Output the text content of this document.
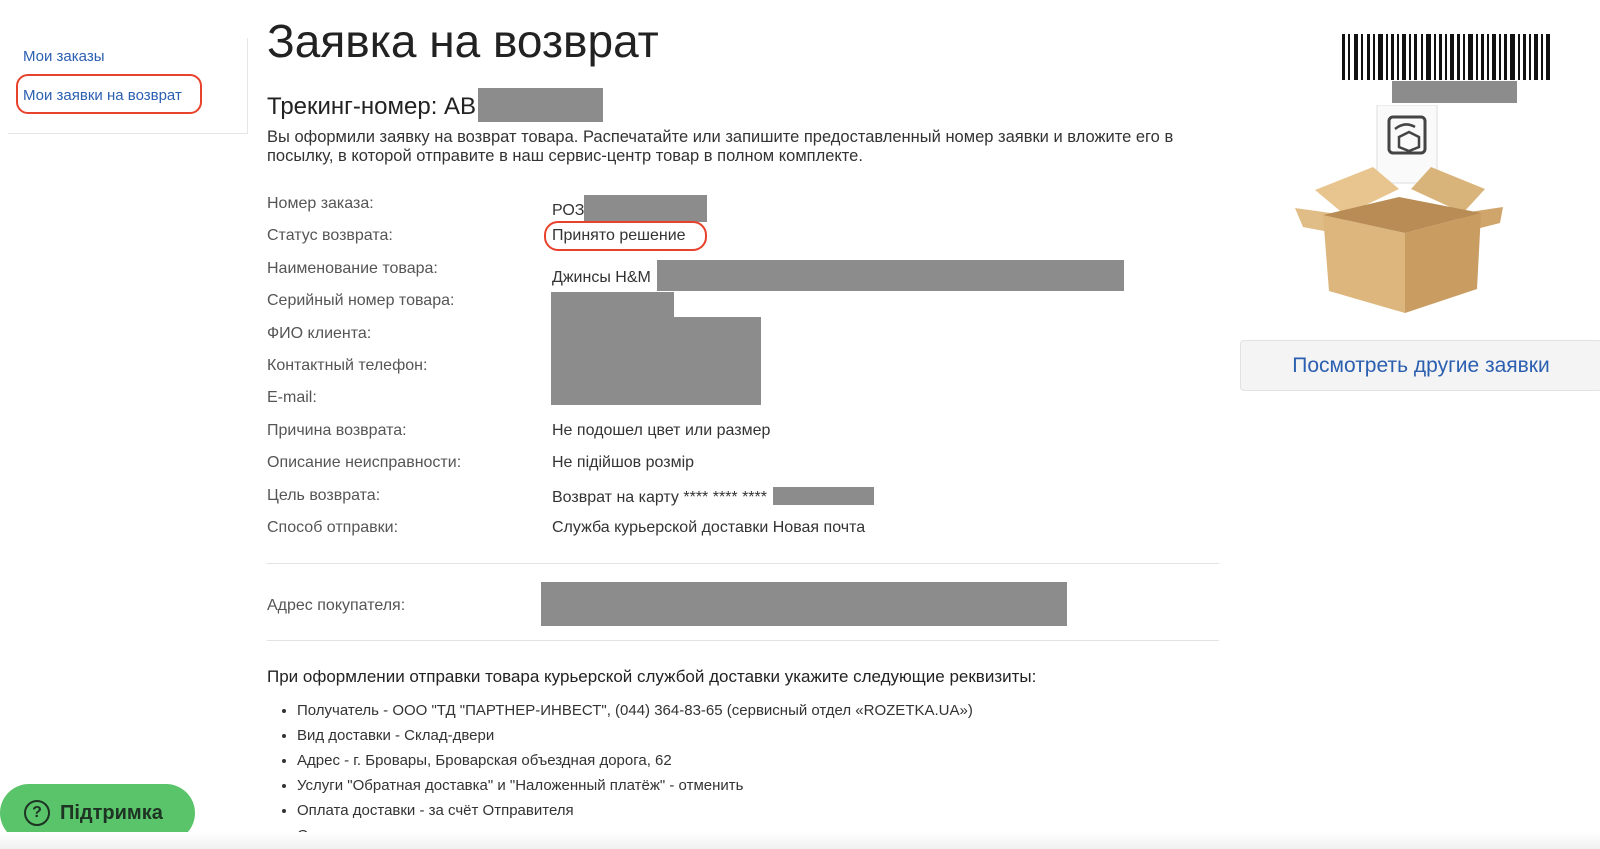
Мои заказы
Мои заявки на возврат
Заявка на возврат
Трекинг-номер: АВ

Вы оформили заявку на возврат товара. Распечатайте или запишите предоставленный номер заявки и вложите его в посылку, в которой отправите в наш сервис-центр товар в полном комплекте.

Номер заказа:	РОЗ
Статус возврата:	Принято решение
Наименование товара:
Джинсы H&M
Серийный номер товара:
ФИО клиента:
Контактный телефон:
E-mail:
Причина возврата:	Не подошел цвет или размер
Описание неисправности:	Не підійшов розмір
Цель возврата:	Возврат на карту **** **** ****
Способ отправки:	Служба курьерской доставки Новая почта
Адрес покупателя:

При оформлении отправки товара курьерской службой доставки укажите следующие реквизиты:

• Получатель - ООО "ТД "ПАРТНЕР-ИНВЕСТ", (044) 364-83-65 (сервисный отдел «ROZETKA.UA»)
• Вид доставки - Склад-двери
• Адрес - г. Бровары, Броварская объездная дорога, 62
• Услуги "Обратная доставка" и "Наложенный платёж" - отменить
• Оплата доставки - за счёт Отправителя
•
Посмотреть другие заявки
? Підтримка
